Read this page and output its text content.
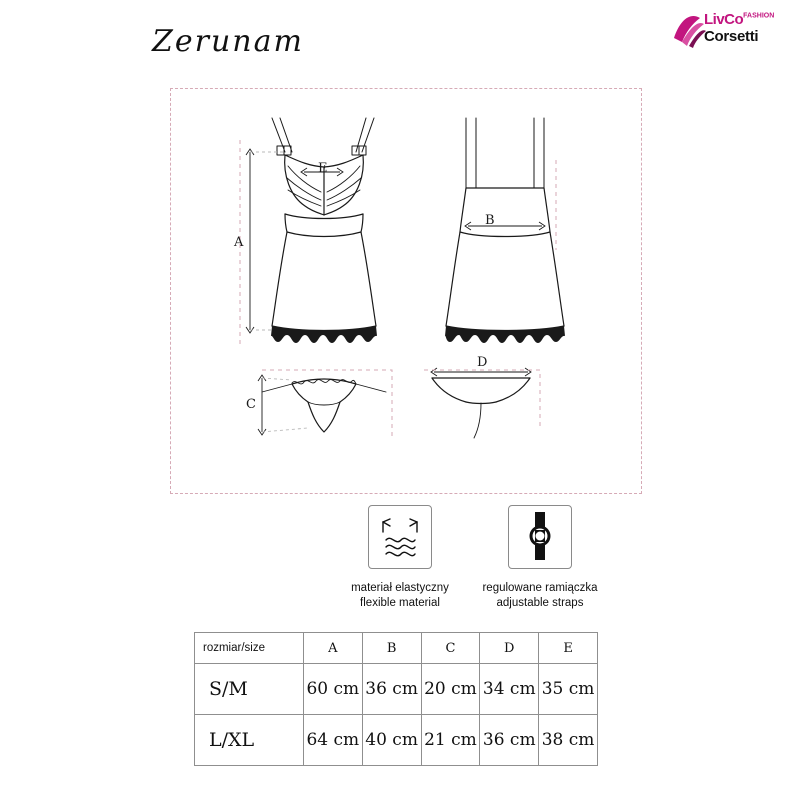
Zerunam
LivCo$^{FASHION}$
Corsetti
A
B
C
D
E
materiał elastyczny
flexible material
regulowane ramiączka
adjustable straps
rozmiar/size	A	B	C	D	E
S/M	60 cm	36 cm	20 cm	34 cm	35 cm
L/XL	64 cm	40 cm	21 cm	36 cm	38 cm
